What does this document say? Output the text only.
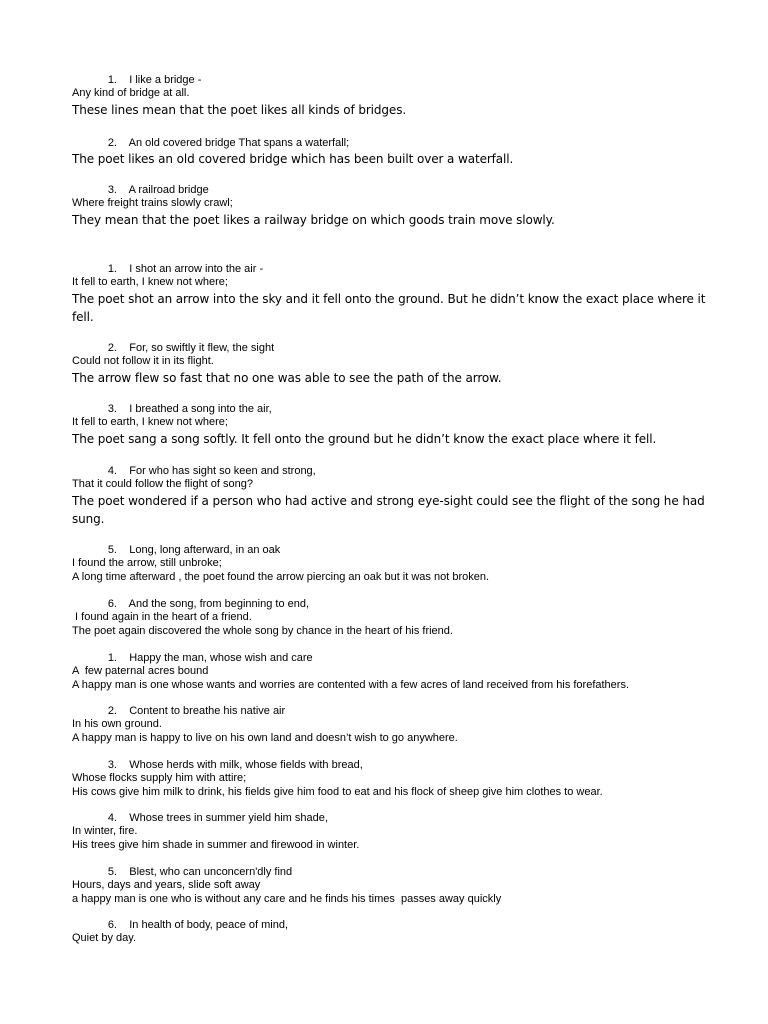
1. I like a bridge -
Any kind of bridge at all.
These lines mean that the poet likes all kinds of bridges.
2. An old covered bridge That spans a waterfall;
The poet likes an old covered bridge which has been built over a waterfall.
3. A railroad bridge
Where freight trains slowly crawl;
They mean that the poet likes a railway bridge on which goods train move slowly.
1. I shot an arrow into the air -
It fell to earth, I knew not where;
The poet shot an arrow into the sky and it fell onto the ground. But he didn’t know the exact place where it fell.
2. For, so swiftly it flew, the sight
Could not follow it in its flight.
The arrow flew so fast that no one was able to see the path of the arrow.
3. I breathed a song into the air,
It fell to earth, I knew not where;
The poet sang a song softly. It fell onto the ground but he didn’t know the exact place where it fell.
4. For who has sight so keen and strong,
That it could follow the flight of song?
The poet wondered if a person who had active and strong eye-sight could see the flight of the song he had sung.
5. Long, long afterward, in an oak
I found the arrow, still unbroke;
A long time afterward , the poet found the arrow piercing an oak but it was not broken.
6. And the song, from beginning to end,
I found again in the heart of a friend.
The poet again discovered the whole song by chance in the heart of his friend.
1. Happy the man, whose wish and care
A  few paternal acres bound
A happy man is one whose wants and worries are contented with a few acres of land received from his forefathers.
2. Content to breathe his native air
In his own ground.
A happy man is happy to live on his own land and doesn’t wish to go anywhere.
3. Whose herds with milk, whose fields with bread,
Whose flocks supply him with attire;
His cows give him milk to drink, his fields give him food to eat and his flock of sheep give him clothes to wear.
4. Whose trees in summer yield him shade,
In winter, fire.
His trees give him shade in summer and firewood in winter.
5. Blest, who can unconcern'dly find
Hours, days and years, slide soft away
a happy man is one who is without any care and he finds his times  passes away quickly
6. In health of body, peace of mind,
Quiet by day.
